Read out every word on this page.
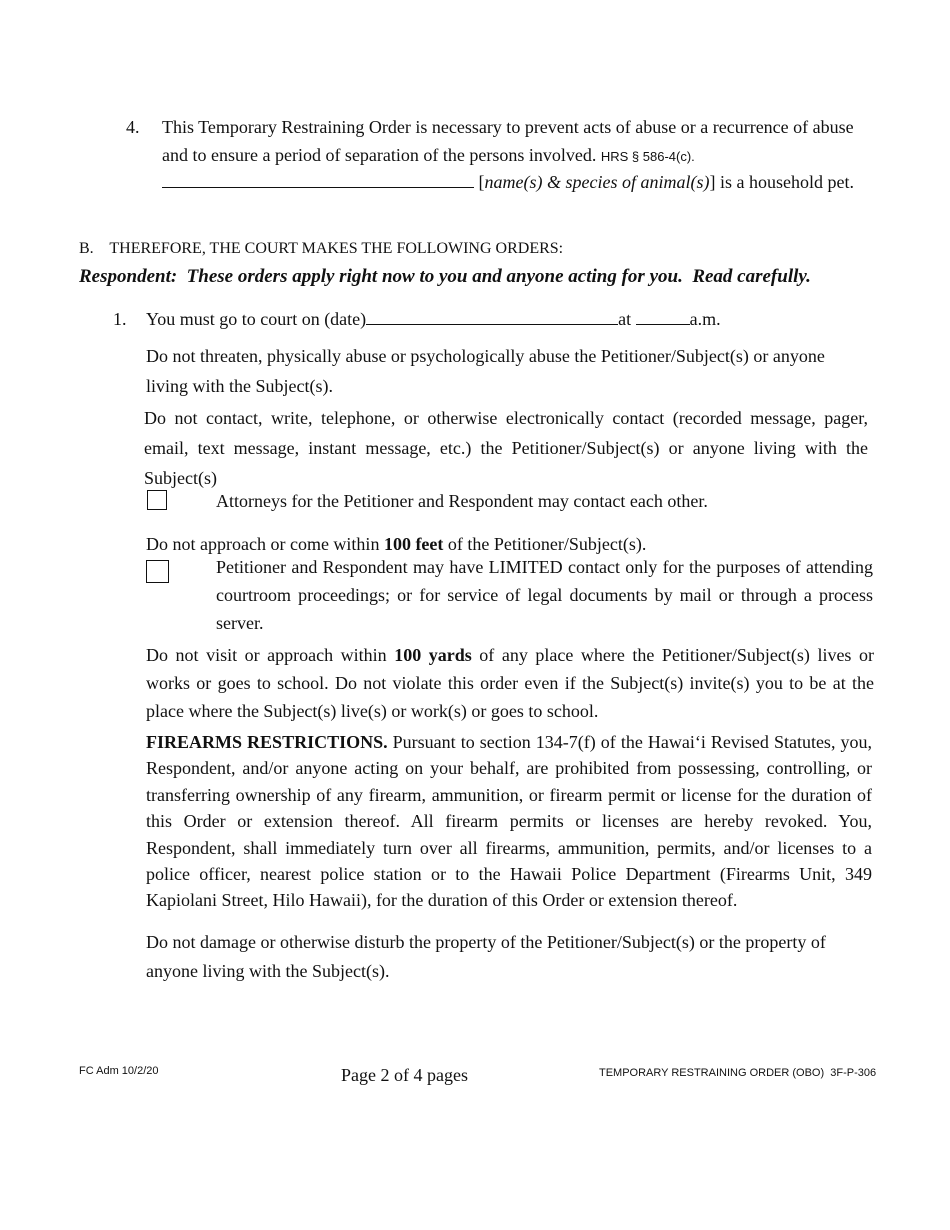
4. This Temporary Restraining Order is necessary to prevent acts of abuse or a recurrence of abuse and to ensure a period of separation of the persons involved. HRS § 586-4(c).
[name(s) & species of animal(s)] is a household pet.
B.    THEREFORE, THE COURT MAKES THE FOLLOWING ORDERS:
Respondent:  These orders apply right now to you and anyone acting for you.  Read carefully.
1. You must go to court on (date)	at	a.m.
Do not threaten, physically abuse or psychologically abuse the Petitioner/Subject(s) or anyone living with the Subject(s).
Do not contact, write, telephone, or otherwise electronically contact (recorded message, pager, email, text message, instant message, etc.) the Petitioner/Subject(s) or anyone living with the Subject(s)
Attorneys for the Petitioner and Respondent may contact each other.
Do not approach or come within 100 feet of the Petitioner/Subject(s).
Petitioner and Respondent may have LIMITED contact only for the purposes of attending courtroom proceedings; or for service of legal documents by mail or through a process server.
Do not visit or approach within 100 yards of any place where the Petitioner/Subject(s) lives or works or goes to school. Do not violate this order even if the Subject(s) invite(s) you to be at the place where the Subject(s) live(s) or work(s) or goes to school.
FIREARMS RESTRICTIONS. Pursuant to section 134-7(f) of the Hawai‘i Revised Statutes, you, Respondent, and/or anyone acting on your behalf, are prohibited from possessing, controlling, or transferring ownership of any firearm, ammunition, or firearm permit or license for the duration of this Order or extension thereof. All firearm permits or licenses are hereby revoked. You, Respondent, shall immediately turn over all firearms, ammunition, permits, and/or licenses to a police officer, nearest police station or to the Hawaii Police Department (Firearms Unit, 349 Kapiolani Street, Hilo Hawaii), for the duration of this Order or extension thereof.
Do not damage or otherwise disturb the property of the Petitioner/Subject(s) or the property of anyone living with the Subject(s).
FC Adm 10/2/20	Page 2 of 4 pages	TEMPORARY RESTRAINING ORDER (OBO)  3F-P-306
